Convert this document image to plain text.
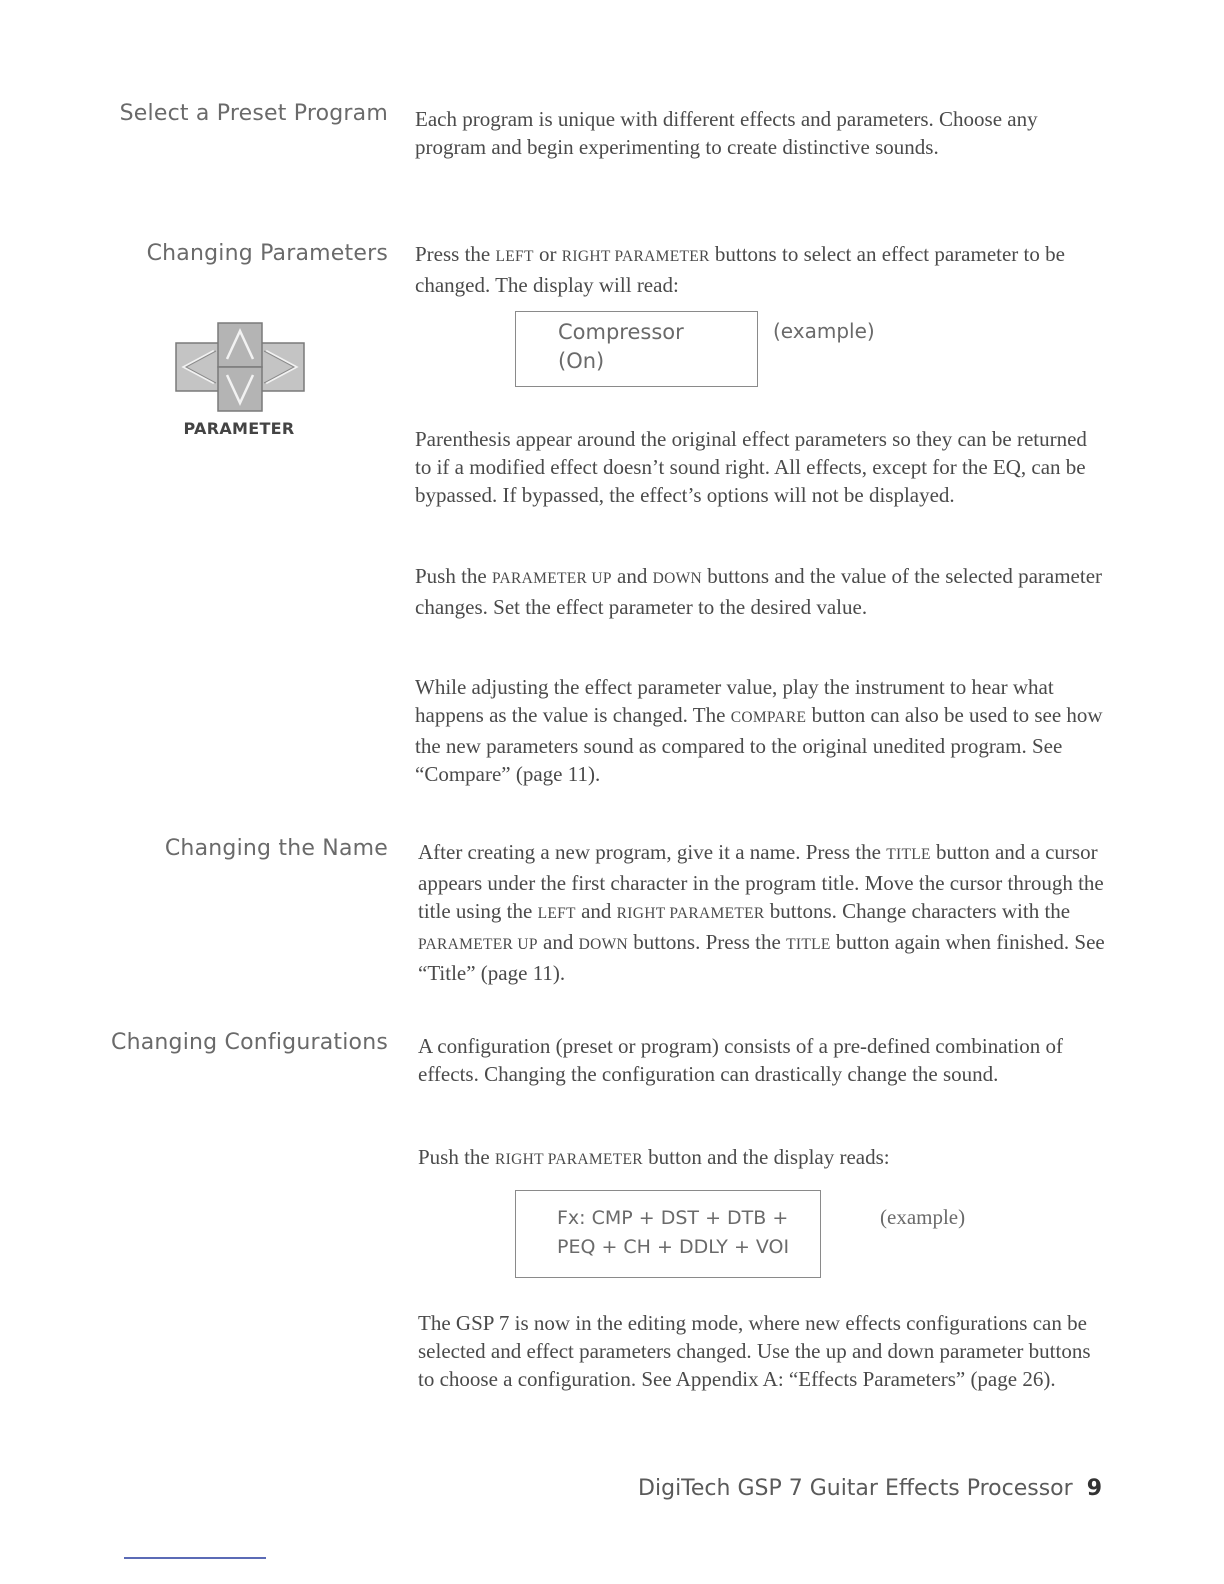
Select a Preset Program Each program is unique with different effects and parameters. Choose any program and begin experimenting to create distinctive sounds.
Changing Parameters Press the LEFT or RIGHT PARAMETER buttons to select an effect parameter to be changed. The display will read:
Compressor
(On)
(example)
PARAMETER	Parenthesis appear around the original effect parameters so they can be returned to if a modified effect doesn’t sound right. All effects, except for the EQ, can be bypassed. If bypassed, the effect’s options will not be displayed.
Push the PARAMETER UP and DOWN buttons and the value of the selected parameter changes. Set the effect parameter to the desired value.
While adjusting the effect parameter value, play the instrument to hear what happens as the value is changed. The COMPARE button can also be used to see how the new parameters sound as compared to the original unedited program. See “Compare” (page 11).
Changing the Name After creating a new program, give it a name. Press the TITLE button and a cursor appears under the first character in the program title. Move the cursor through the title using the LEFT and RIGHT PARAMETER buttons. Change characters with the PARAMETER UP and DOWN buttons. Press the TITLE button again when finished. See “Title” (page 11).
Changing Configurations A configuration (preset or program) consists of a pre-defined combination of effects. Changing the configuration can drastically change the sound.
Push the RIGHT PARAMETER button and the display reads:
Fx: CMP + DST + DTB +
PEQ + CH + DDLY + VOI
(example)
The GSP 7 is now in the editing mode, where new effects configurations can be selected and effect parameters changed. Use the up and down parameter buttons to choose a configuration. See Appendix A: “Effects Parameters” (page 26).
DigiTech GSP 7 Guitar Effects Processor 9
